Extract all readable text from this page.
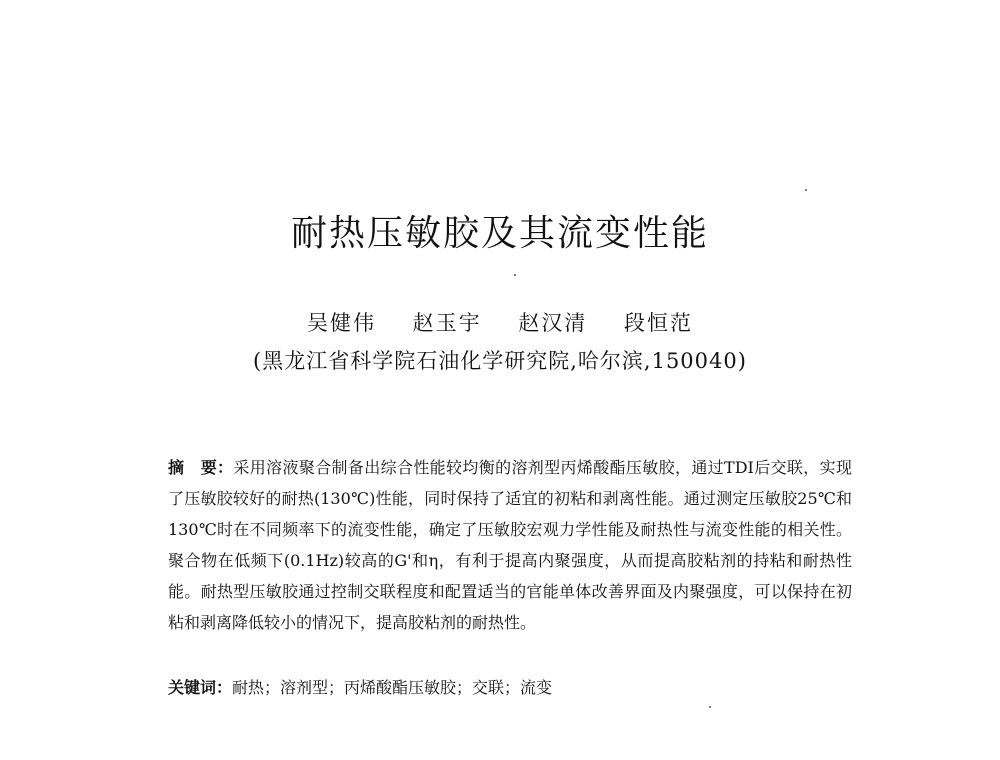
耐热压敏胶及其流变性能
吴健伟 赵玉宇 赵汉清 段恒范
(黑龙江省科学院石油化学研究院,哈尔滨,150040)

摘　要：采用溶液聚合制备出综合性能较均衡的溶剂型丙烯酸酯压敏胶，通过TDI后交联，实现了压敏胶较好的耐热(130℃)性能，同时保持了适宜的初粘和剥离性能。通过测定压敏胶25℃和130℃时在不同频率下的流变性能，确定了压敏胶宏观力学性能及耐热性与流变性能的相关性。聚合物在低频下(0.1Hz)较高的G'和η，有利于提高内聚强度，从而提高胶粘剂的持粘和耐热性能。耐热型压敏胶通过控制交联程度和配置适当的官能单体改善界面及内聚强度，可以保持在初粘和剥离降低较小的情况下，提高胶粘剂的耐热性。

关键词：耐热；溶剂型；丙烯酸酯压敏胶；交联；流变
